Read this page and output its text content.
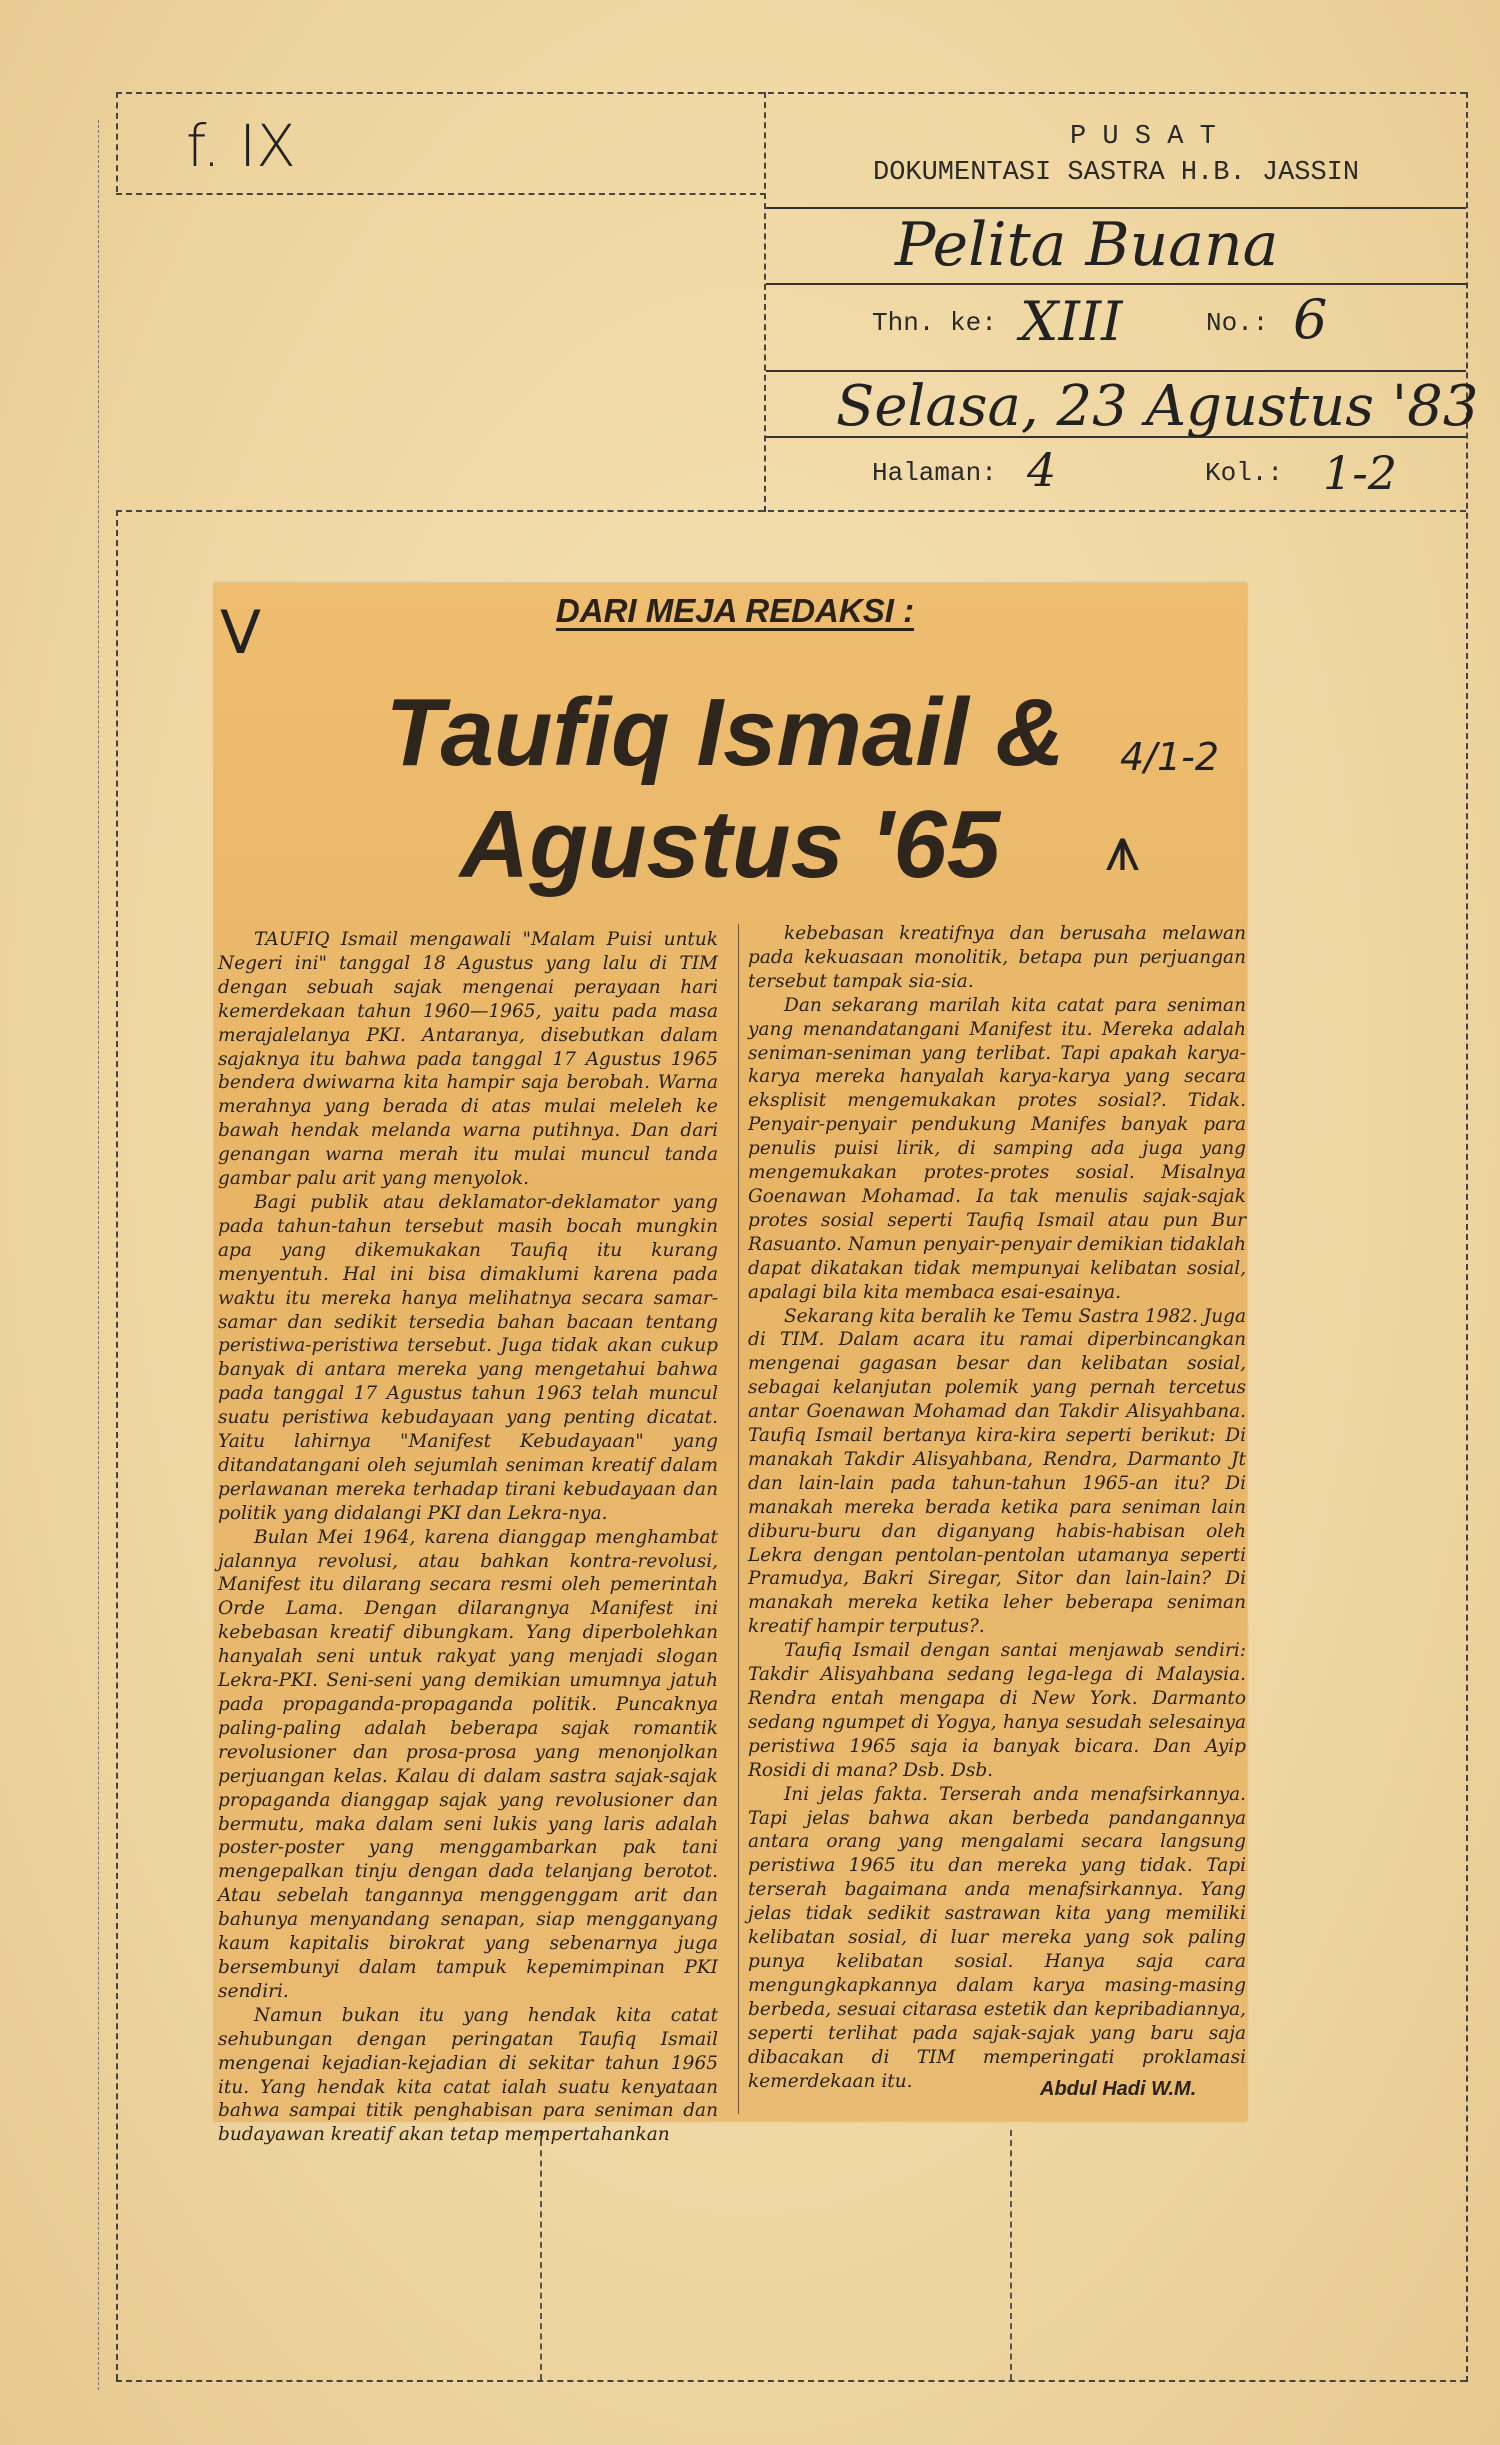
f. IX	P U S A T
DOKUMENTASI SASTRA H.B. JASSIN
Pelita Buana
Thn. ke: XIII	No.: 6
Selasa, 23 Agustus '83
Halaman: 4	Kol.: 1-2
V	DARI MEJA REDAKSI :
Taufiq Ismail &
Agustus '65
4/1-2
⩚

TAUFIQ Ismail mengawali "Malam Puisi untuk Negeri ini" tanggal 18 Agustus yang lalu di TIM dengan sebuah sajak mengenai perayaan hari kemerdekaan tahun 1960—1965, yaitu pada masa merajalelanya PKI. Antaranya, disebutkan dalam sajaknya itu bahwa pada tanggal 17 Agustus 1965 bendera dwiwarna kita hampir saja berobah. Warna merahnya yang berada di atas mulai meleleh ke bawah hendak melanda warna putihnya. Dan dari genangan warna merah itu mulai muncul tanda gambar palu arit yang menyolok.

Bagi publik atau deklamator-deklamator yang pada tahun-tahun tersebut masih bocah mungkin apa yang dikemukakan Taufiq itu kurang menyentuh. Hal ini bisa dimaklumi karena pada waktu itu mereka hanya melihatnya secara samar-samar dan sedikit tersedia bahan bacaan tentang peristiwa-peristiwa tersebut. Juga tidak akan cukup banyak di antara mereka yang mengetahui bahwa pada tanggal 17 Agustus tahun 1963 telah muncul suatu peristiwa kebudayaan yang penting dicatat. Yaitu lahirnya "Manifest Kebudayaan" yang ditandatangani oleh sejumlah seniman kreatif dalam perlawanan mereka terhadap tirani kebudayaan dan politik yang didalangi PKI dan Lekra-nya.

Bulan Mei 1964, karena dianggap menghambat jalannya revolusi, atau bahkan kontra-revolusi, Manifest itu dilarang secara resmi oleh pemerintah Orde Lama. Dengan dilarangnya Manifest ini kebebasan kreatif dibungkam. Yang diperbolehkan hanyalah seni untuk rakyat yang menjadi slogan Lekra-PKI. Seni-seni yang demikian umumnya jatuh pada propaganda-propaganda politik. Puncaknya paling-paling adalah beberapa sajak romantik revolusioner dan prosa-prosa yang menonjolkan perjuangan kelas. Kalau di dalam sastra sajak-sajak propaganda dianggap sajak yang revolusioner dan bermutu, maka dalam seni lukis yang laris adalah poster-poster yang menggambarkan pak tani mengepalkan tinju dengan dada telanjang berotot. Atau sebelah tangannya menggenggam arit dan bahunya menyandang senapan, siap mengganyang kaum kapitalis birokrat yang sebenarnya juga bersembunyi dalam tampuk kepemimpinan PKI sendiri.

Namun bukan itu yang hendak kita catat sehubungan dengan peringatan Taufiq Ismail mengenai kejadian-kejadian di sekitar tahun 1965 itu. Yang hendak kita catat ialah suatu kenyataan bahwa sampai titik penghabisan para seniman dan budayawan kreatif akan tetap mempertahankan

kebebasan kreatifnya dan berusaha melawan pada kekuasaan monolitik, betapa pun perjuangan tersebut tampak sia-sia.

Dan sekarang marilah kita catat para seniman yang menandatangani Manifest itu. Mereka adalah seniman-seniman yang terlibat. Tapi apakah karya-karya mereka hanyalah karya-karya yang secara eksplisit mengemukakan protes sosial?. Tidak. Penyair-penyair pendukung Manifes banyak para penulis puisi lirik, di samping ada juga yang mengemukakan protes-protes sosial. Misalnya Goenawan Mohamad. Ia tak menulis sajak-sajak protes sosial seperti Taufiq Ismail atau pun Bur Rasuanto. Namun penyair-penyair demikian tidaklah dapat dikatakan tidak mempunyai kelibatan sosial, apalagi bila kita membaca esai-esainya.

Sekarang kita beralih ke Temu Sastra 1982. Juga di TIM. Dalam acara itu ramai diperbincangkan mengenai gagasan besar dan kelibatan sosial, sebagai kelanjutan polemik yang pernah tercetus antar Goenawan Mohamad dan Takdir Alisyahbana. Taufiq Ismail bertanya kira-kira seperti berikut: Di manakah Takdir Alisyahbana, Rendra, Darmanto Jt dan lain-lain pada tahun-tahun 1965-an itu? Di manakah mereka berada ketika para seniman lain diburu-buru dan diganyang habis-habisan oleh Lekra dengan pentolan-pentolan utamanya seperti Pramudya, Bakri Siregar, Sitor dan lain-lain? Di manakah mereka ketika leher beberapa seniman kreatif hampir terputus?.

Taufiq Ismail dengan santai menjawab sendiri: Takdir Alisyahbana sedang lega-lega di Malaysia. Rendra entah mengapa di New York. Darmanto sedang ngumpet di Yogya, hanya sesudah selesainya peristiwa 1965 saja ia banyak bicara. Dan Ayip Rosidi di mana? Dsb. Dsb.

Ini jelas fakta. Terserah anda menafsirkannya. Tapi jelas bahwa akan berbeda pandangannya antara orang yang mengalami secara langsung peristiwa 1965 itu dan mereka yang tidak. Tapi terserah bagaimana anda menafsirkannya. Yang jelas tidak sedikit sastrawan kita yang memiliki kelibatan sosial, di luar mereka yang sok paling punya kelibatan sosial. Hanya saja cara mengungkapkannya dalam karya masing-masing berbeda, sesuai citarasa estetik dan kepribadiannya, seperti terlihat pada sajak-sajak yang baru saja dibacakan di TIM memperingati proklamasi kemerdekaan itu.	Abdul Hadi W.M.
